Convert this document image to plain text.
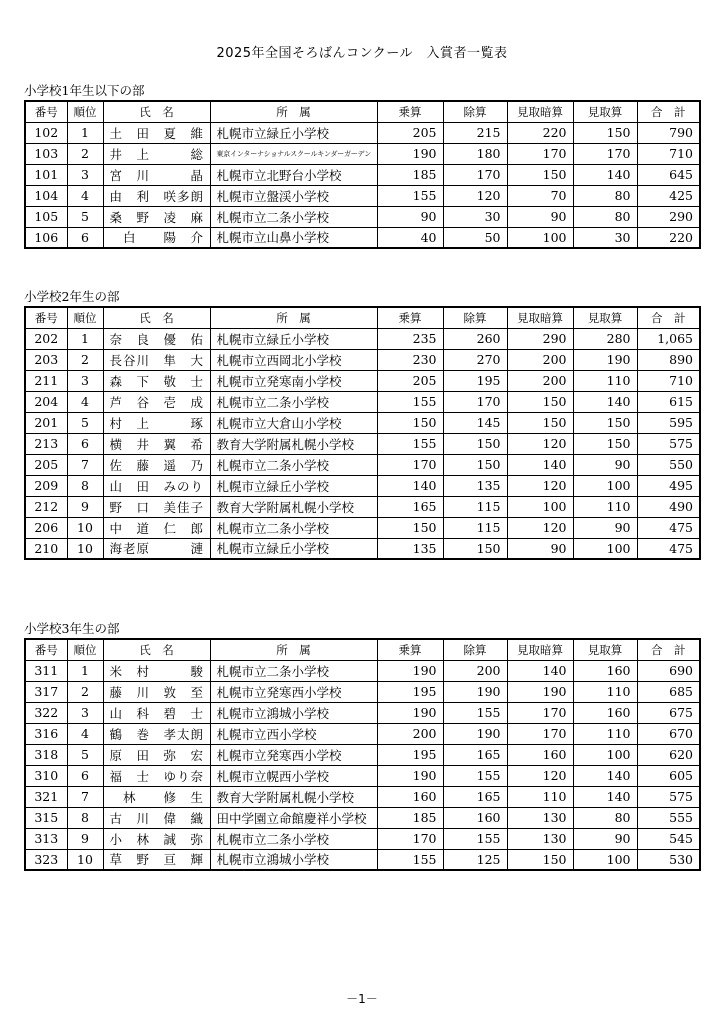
2025年全国そろばんコンクール　入賞者一覧表
小学校1年生以下の部
番号	順位	氏　名	所　属	乗算	除算	見取暗算	見取算	合　計
102	1	土　田　夏　維	札幌市立緑丘小学校	205	215	220	150	790
103	2	井　上　　　総	東京インターナショナルスクールキンダーガーデン	190	180	170	170	710
101	3	宮　川　　　晶	札幌市立北野台小学校	185	170	150	140	645
104	4	由　利　咲多朗	札幌市立盤渓小学校	155	120	70	80	425
105	5	桑　野　凌　麻	札幌市立二条小学校	90	30	90	80	290
106	6	　白　　陽　介	札幌市立山鼻小学校	40	50	100	30	220
小学校2年生の部
番号	順位	氏　名	所　属	乗算	除算	見取暗算	見取算	合　計
202	1	奈　良　優　佑	札幌市立緑丘小学校	235	260	290	280	1,065
203	2	長谷川　隼　大	札幌市立西岡北小学校	230	270	200	190	890
211	3	森　下　敬　士	札幌市立発寒南小学校	205	195	200	110	710
204	4	芦　谷　壱　成	札幌市立二条小学校	155	170	150	140	615
201	5	村　上　　　琢	札幌市立大倉山小学校	150	145	150	150	595
213	6	横　井　翼　希	教育大学附属札幌小学校	155	150	120	150	575
205	7	佐　藤　遥　乃	札幌市立二条小学校	170	150	140	90	550
209	8	山　田　みのり	札幌市立緑丘小学校	140	135	120	100	495
212	9	野　口　美佳子	教育大学附属札幌小学校	165	115	100	110	490
206	10	中　道　仁　郎	札幌市立二条小学校	150	115	120	90	475
210	10	海老原　　　漣	札幌市立緑丘小学校	135	150	90	100	475
小学校3年生の部
番号	順位	氏　名	所　属	乗算	除算	見取暗算	見取算	合　計
311	1	米　村　　　駿	札幌市立二条小学校	190	200	140	160	690
317	2	藤　川　敦　至	札幌市立発寒西小学校	195	190	190	110	685
322	3	山　科　碧　士	札幌市立鴻城小学校	190	155	170	160	675
316	4	鶴　巻　孝太朗	札幌市立西小学校	200	190	170	110	670
318	5	原　田　弥　宏	札幌市立発寒西小学校	195	165	160	100	620
310	6	福　士　ゆり奈	札幌市立幌西小学校	190	155	120	140	605
321	7	　林　　修　生	教育大学附属札幌小学校	160	165	110	140	575
315	8	古　川　偉　織	田中学園立命館慶祥小学校	185	160	130	80	555
313	9	小　林　誠　弥	札幌市立二条小学校	170	155	130	90	545
323	10	草　野　亘　輝	札幌市立鴻城小学校	155	125	150	100	530
－1－
